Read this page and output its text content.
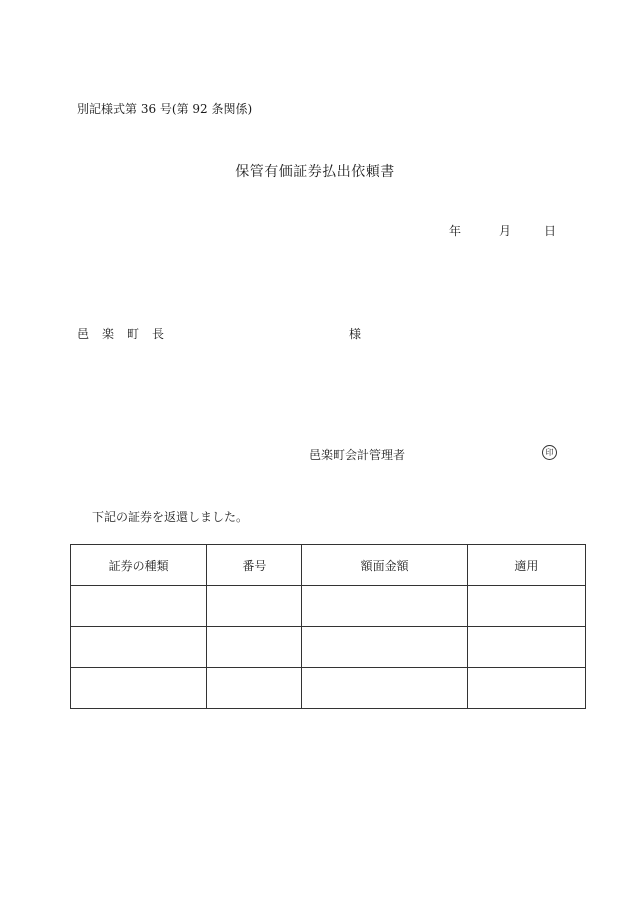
別記様式第 36 号(第 92 条関係)
保管有価証券払出依頼書
年	月	日
邑楽町長	様
邑楽町会計管理者	印
下記の証券を返還しました。
証券の種類	番号	額面金額	適用
